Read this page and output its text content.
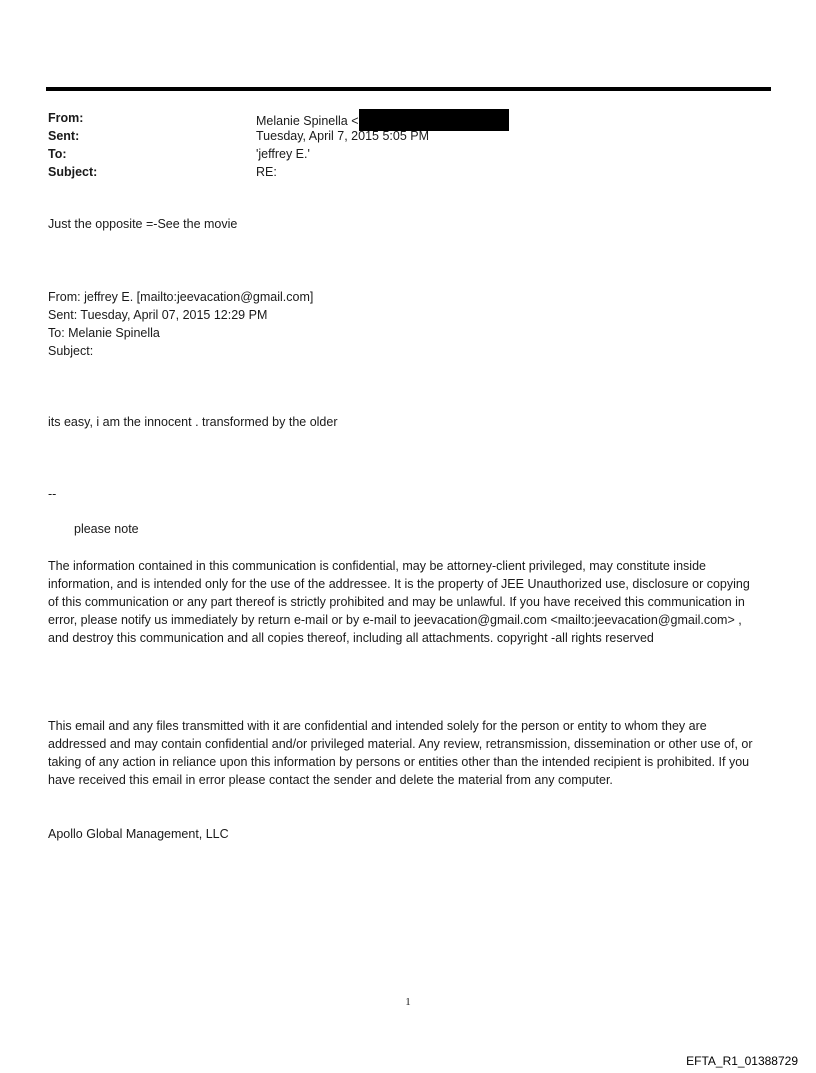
From:	Melanie Spinella <
Sent:	Tuesday, April 7, 2015 5:05 PM
To:	'jeffrey E.'
Subject:	RE:

Just the opposite =-See the movie

From: jeffrey E. [mailto:jeevacation@gmail.com]

Sent: Tuesday, April 07, 2015 12:29 PM

To: Melanie Spinella

Subject:

its easy, i am the innocent . transformed by the older

--

please note

The information contained in this communication is confidential, may be attorney-client privileged, may constitute inside information, and is intended only for the use of the addressee. It is the property of JEE Unauthorized use, disclosure or copying of this communication or any part thereof is strictly prohibited and may be unlawful. If you have received this communication in error, please notify us immediately by return e-mail or by e-mail to jeevacation@gmail.com <mailto:jeevacation@gmail.com> , and destroy this communication and all copies thereof, including all attachments. copyright -all rights reserved

This email and any files transmitted with it are confidential and intended solely for the person or entity to whom they are addressed and may contain confidential and/or privileged material. Any review, retransmission, dissemination or other use of, or taking of any action in reliance upon this information by persons or entities other than the intended recipient is prohibited. If you have received this email in error please contact the sender and delete the material from any computer.

Apollo Global Management, LLC

1
EFTA_R1_01388729
